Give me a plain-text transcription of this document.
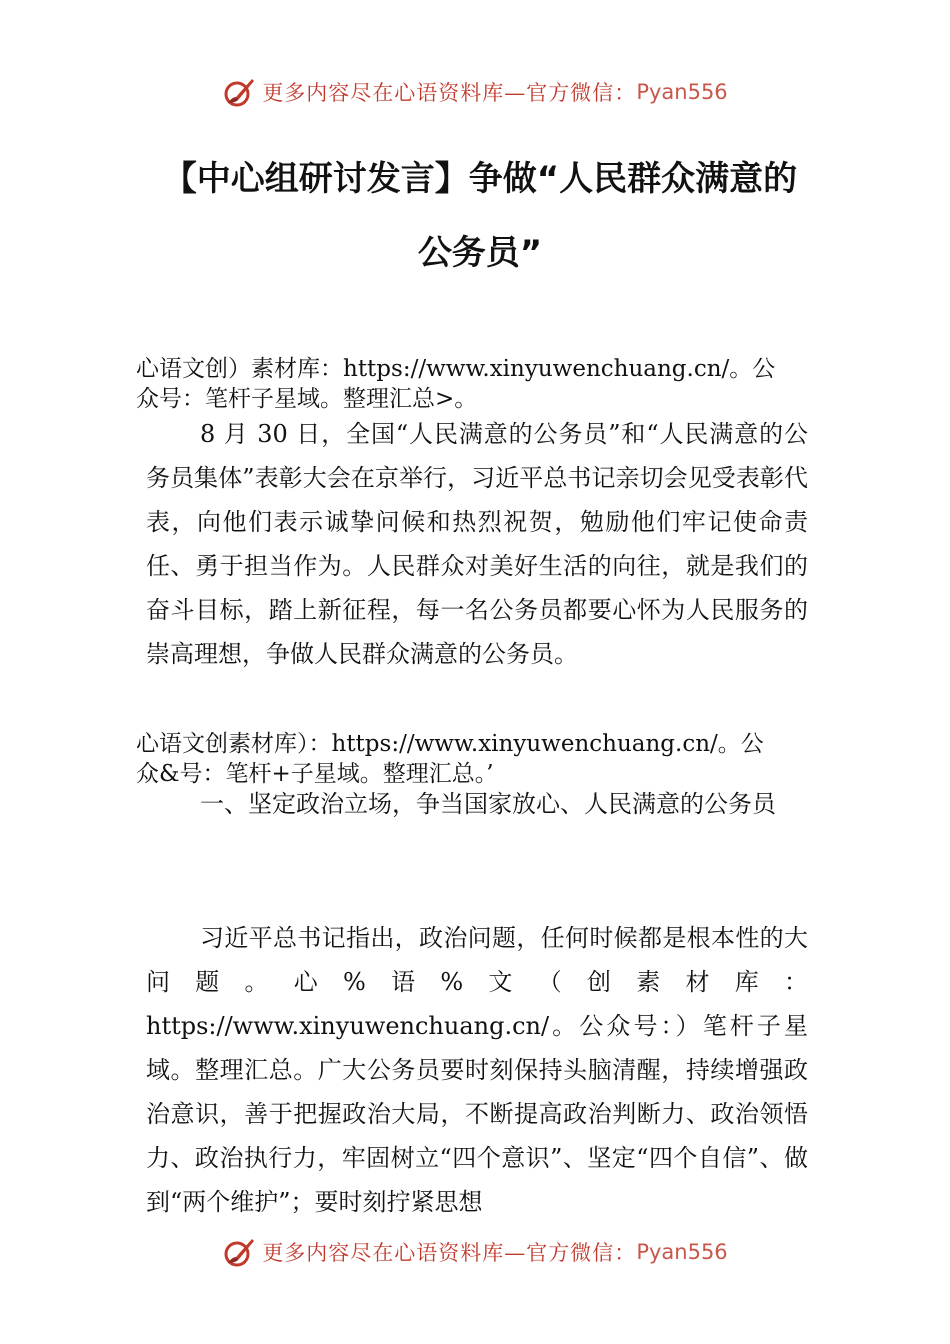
更多内容尽在心语资料库—官方微信： Pyan556
【中心组研讨发言】争做“人民群众满意的
公务员”
心语文创）素材库：https://www.xinyuwenchuang.cn/。公
众号：笔杆子星域。整理汇总>。
8 月 30 日，全国“人民满意的公务员”和“人民满意的公务员集体”表彰大会在京举行，习近平总书记亲切会见受表彰代表，向他们表示诚挚问候和热烈祝贺，勉励他们牢记使命责任、勇于担当作为。人民群众对美好生活的向往，就是我们的奋斗目标，踏上新征程，每一名公务员都要心怀为人民服务的崇高理想，争做人民群众满意的公务员。
心语文创素材库）：https://www.xinyuwenchuang.cn/。公
众&号：笔杆+子星域。整理汇总。’
一、坚定政治立场，争当国家放心、人民满意的公务员
习近平总书记指出，政治问题，任何时候都是根本性的大问题。心%语%文（创素材库：https://www.xinyuwenchuang.cn/。公众号：）笔杆子星域。整理汇总。广大公务员要时刻保持头脑清醒，持续增强政治意识，善于把握政治大局，不断提高政治判断力、政治领悟力、政治执行力，牢固树立“四个意识”、坚定“四个自信”、做到“两个维护”；要时刻拧紧思想
更多内容尽在心语资料库—官方微信： Pyan556
